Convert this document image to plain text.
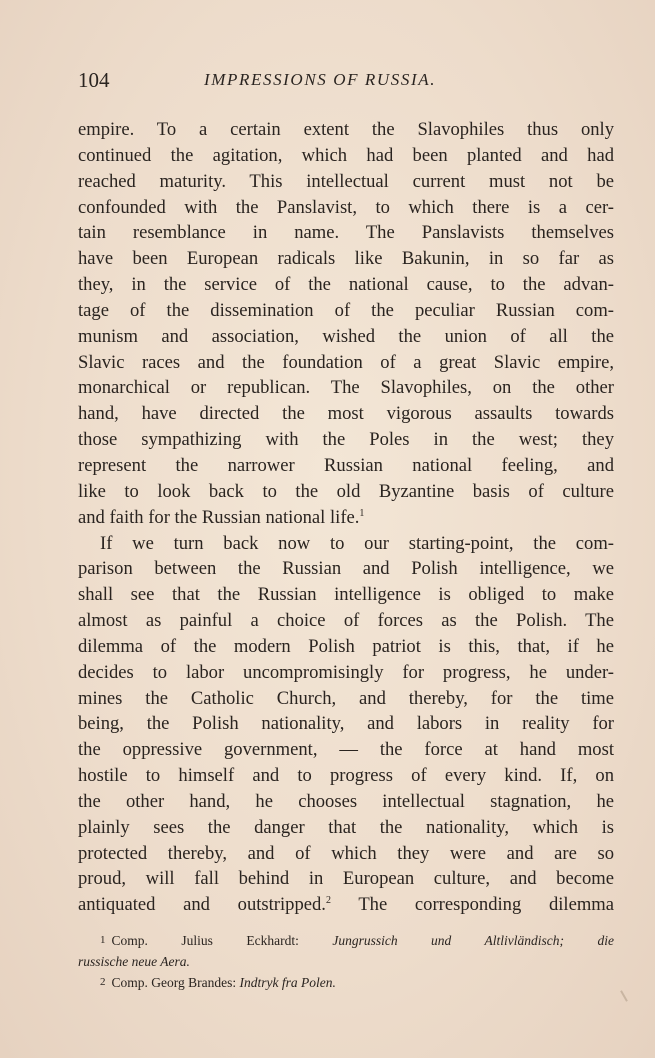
104	IMPRESSIONS OF RUSSIA.
empire. To a certain extent the Slavophiles thus only
continued the agitation, which had been planted and had
reached maturity. This intellectual current must not be
confounded with the Panslavist, to which there is a cer-
tain resemblance in name. The Panslavists themselves
have been European radicals like Bakunin, in so far as
they, in the service of the national cause, to the advan-
tage of the dissemination of the peculiar Russian com-
munism and association, wished the union of all the
Slavic races and the foundation of a great Slavic empire,
monarchical or republican. The Slavophiles, on the other
hand, have directed the most vigorous assaults towards
those sympathizing with the Poles in the west; they
represent the narrower Russian national feeling, and
like to look back to the old Byzantine basis of culture
and faith for the Russian national life.$^1$
If we turn back now to our starting-point, the com-
parison between the Russian and Polish intelligence, we
shall see that the Russian intelligence is obliged to make
almost as painful a choice of forces as the Polish. The
dilemma of the modern Polish patriot is this, that, if he
decides to labor uncompromisingly for progress, he under-
mines the Catholic Church, and thereby, for the time
being, the Polish nationality, and labors in reality for
the oppressive government, — the force at hand most
hostile to himself and to progress of every kind. If, on
the other hand, he chooses intellectual stagnation, he
plainly sees the danger that the nationality, which is
protected thereby, and of which they were and are so
proud, will fall behind in European culture, and become
antiquated and outstripped.$^2$ The corresponding dilemma
1 Comp. Julius Eckhardt: Jungrussich und Altlivländisch; die
russische neue Aera.
2 Comp. Georg Brandes: Indtryk fra Polen.
